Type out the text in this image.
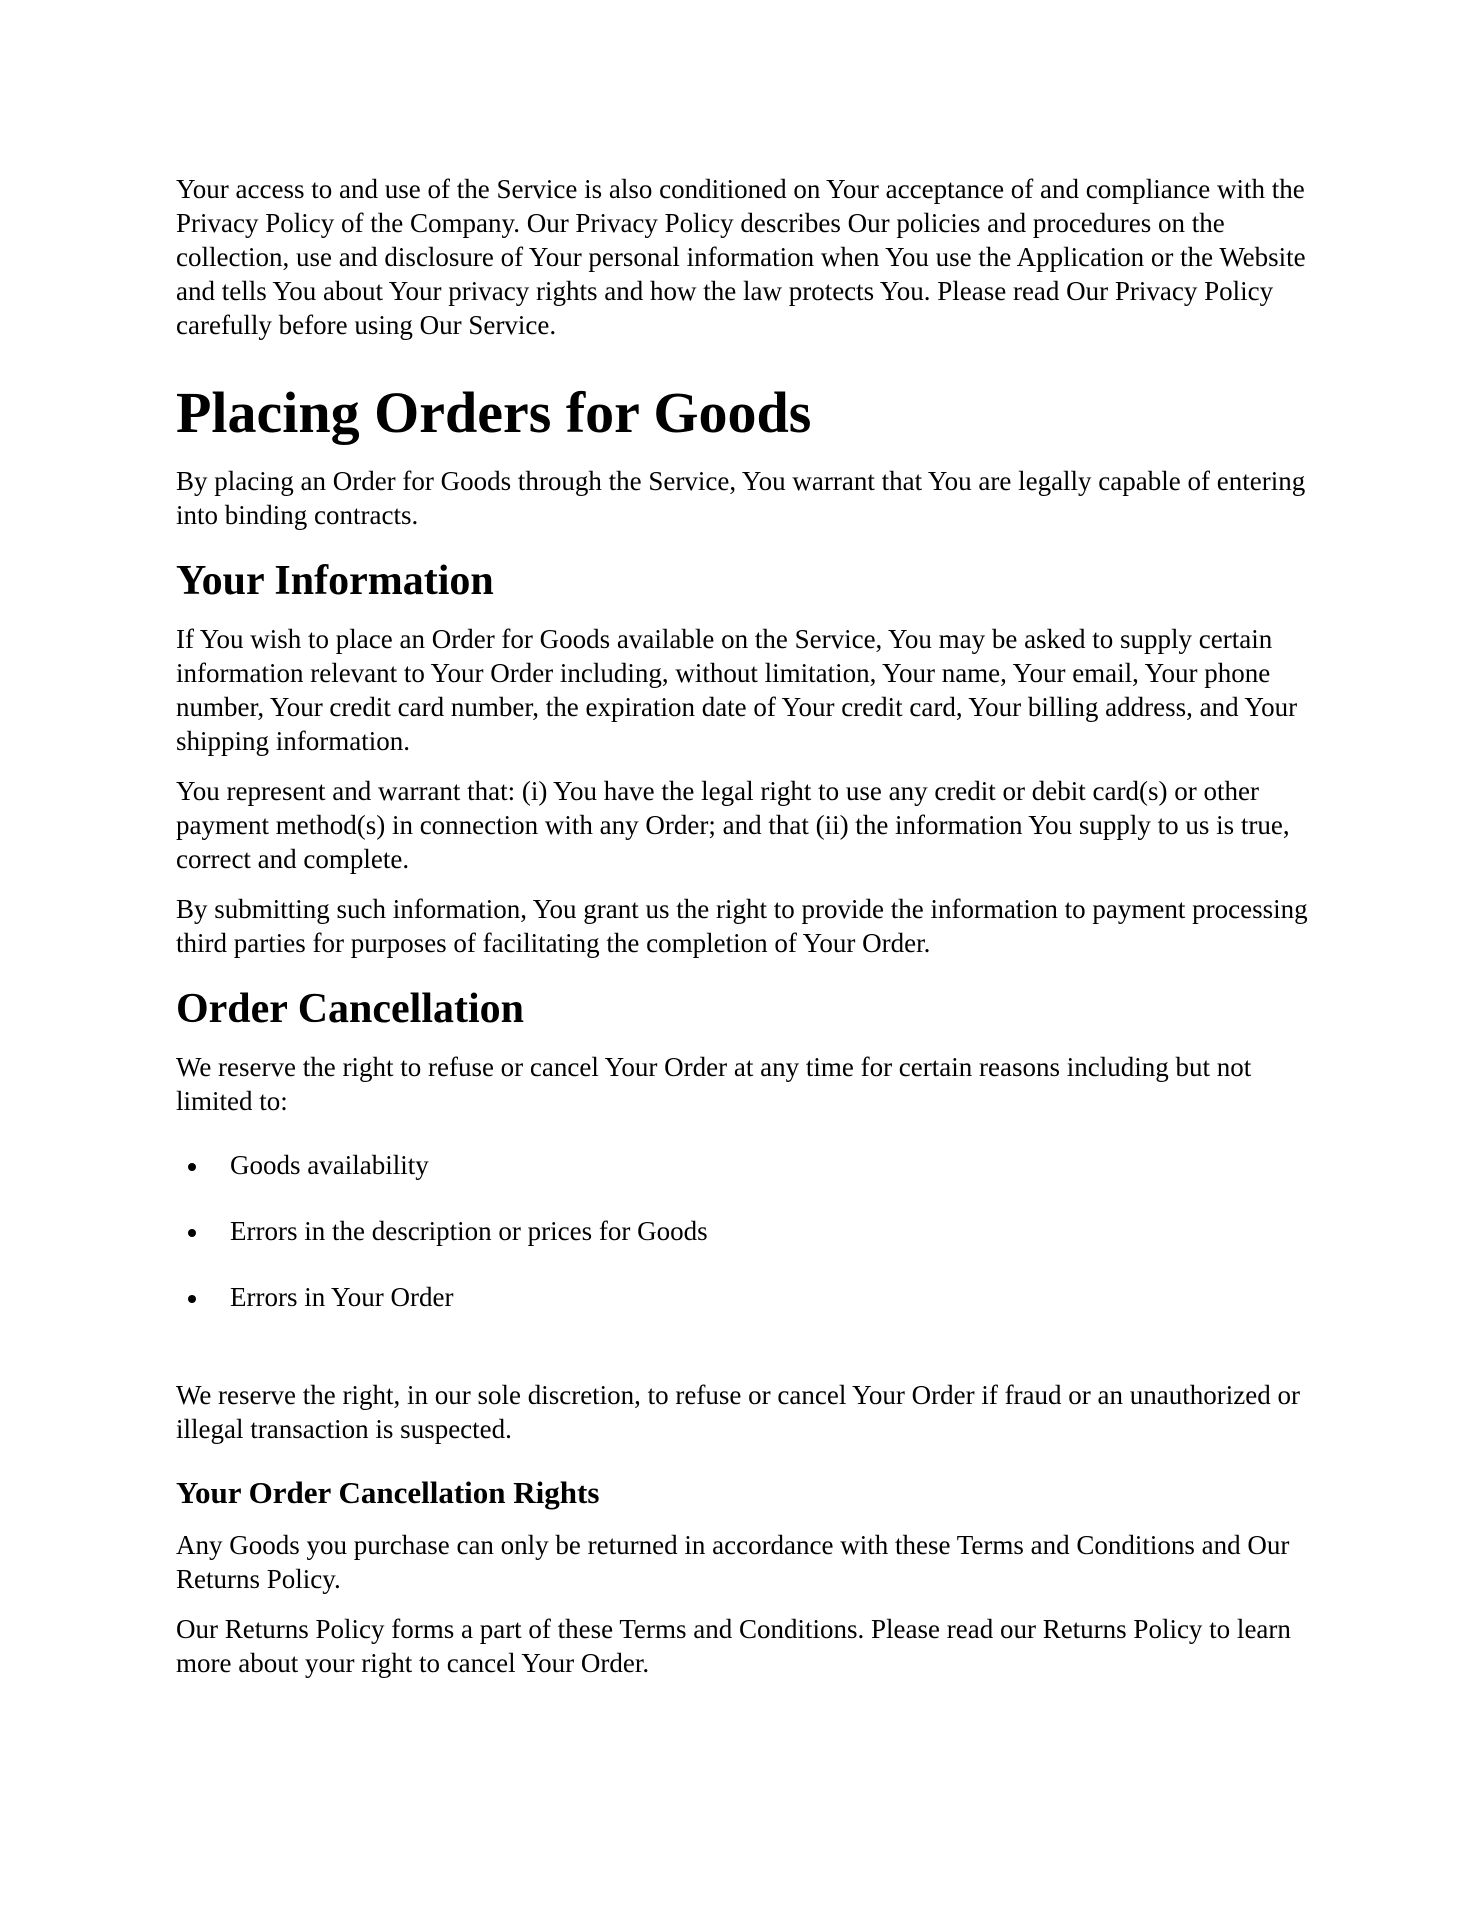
Your access to and use of the Service is also conditioned on Your acceptance of and compliance with the Privacy Policy of the Company. Our Privacy Policy describes Our policies and procedures on the collection, use and disclosure of Your personal information when You use the Application or the Website and tells You about Your privacy rights and how the law protects You. Please read Our Privacy Policy carefully before using Our Service.

Placing Orders for Goods

By placing an Order for Goods through the Service, You warrant that You are legally capable of entering into binding contracts.

Your Information

If You wish to place an Order for Goods available on the Service, You may be asked to supply certain information relevant to Your Order including, without limitation, Your name, Your email, Your phone number, Your credit card number, the expiration date of Your credit card, Your billing address, and Your shipping information.

You represent and warrant that: (i) You have the legal right to use any credit or debit card(s) or other payment method(s) in connection with any Order; and that (ii) the information You supply to us is true, correct and complete.

By submitting such information, You grant us the right to provide the information to payment processing third parties for purposes of facilitating the completion of Your Order.

Order Cancellation

We reserve the right to refuse or cancel Your Order at any time for certain reasons including but not limited to:

Goods availability
Errors in the description or prices for Goods
Errors in Your Order

We reserve the right, in our sole discretion, to refuse or cancel Your Order if fraud or an unauthorized or illegal transaction is suspected.

Your Order Cancellation Rights

Any Goods you purchase can only be returned in accordance with these Terms and Conditions and Our Returns Policy.

Our Returns Policy forms a part of these Terms and Conditions. Please read our Returns Policy to learn more about your right to cancel Your Order.
